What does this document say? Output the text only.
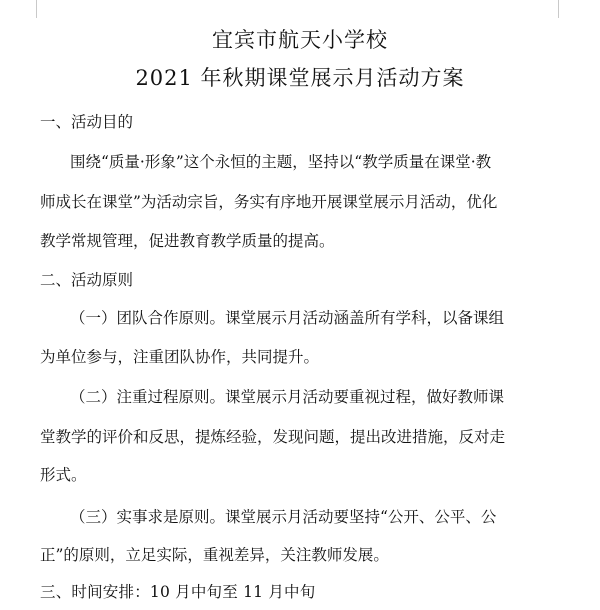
宜宾市航天小学校
2021 年秋期课堂展示月活动方案
一、活动目的
围绕“质量·形象”这个永恒的主题，坚持以“教学质量在课堂·教
师成长在课堂”为活动宗旨，务实有序地开展课堂展示月活动，优化
教学常规管理，促进教育教学质量的提高。
二、活动原则
（一）团队合作原则。课堂展示月活动涵盖所有学科，以备课组
为单位参与，注重团队协作，共同提升。
（二）注重过程原则。课堂展示月活动要重视过程，做好教师课
堂教学的评价和反思，提炼经验，发现问题，提出改进措施，反对走
形式。
（三）实事求是原则。课堂展示月活动要坚持“公开、公平、公
正”的原则，立足实际，重视差异，关注教师发展。
三、时间安排：10 月中旬至 11 月中旬
